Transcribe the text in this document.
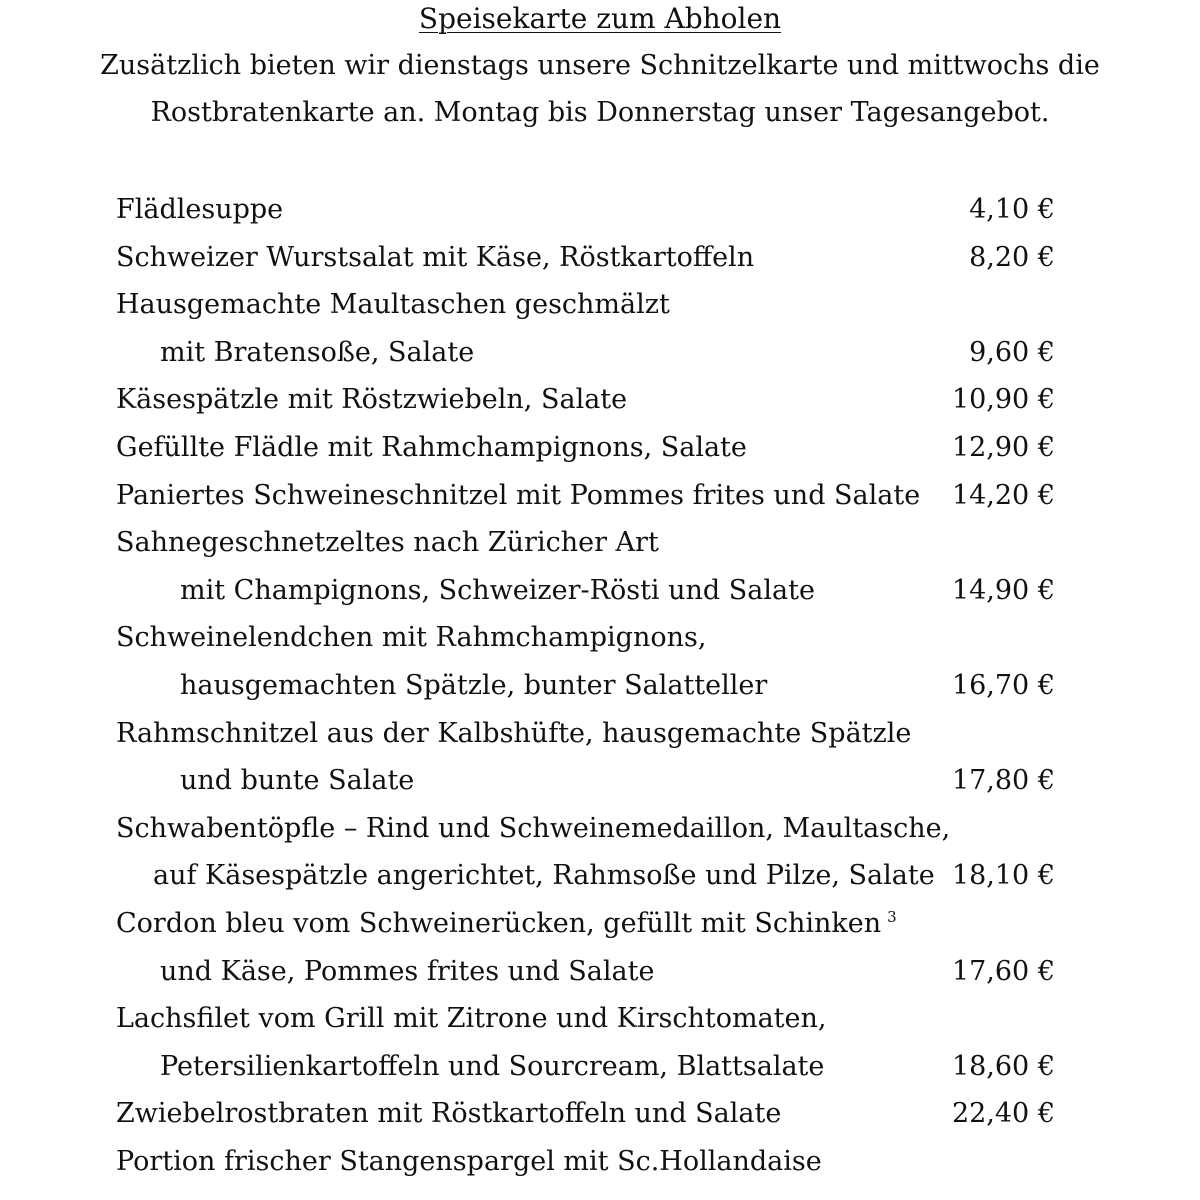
Speisekarte zum Abholen
Zusätzlich bieten wir dienstags unsere Schnitzelkarte und mittwochs die
Rostbratenkarte an. Montag bis Donnerstag unser Tagesangebot.
Flädlesuppe	4,10 €
Schweizer Wurstsalat mit Käse, Röstkartoffeln	8,20 €
Hausgemachte Maultaschen geschmälzt
mit Bratensoße, Salate	9,60 €
Käsespätzle mit Röstzwiebeln, Salate	10,90 €
Gefüllte Flädle mit Rahmchampignons, Salate	12,90 €
Paniertes Schweineschnitzel mit Pommes frites und Salate 14,20 €
Sahnegeschnetzeltes nach Züricher Art
mit Champignons, Schweizer-Rösti und Salate	14,90 €
Schweinelendchen mit Rahmchampignons,
hausgemachten Spätzle, bunter Salatteller	16,70 €
Rahmschnitzel aus der Kalbshüfte, hausgemachte Spätzle
und bunte Salate	17,80 €
Schwabentöpfle – Rind und Schweinemedaillon, Maultasche,
auf Käsespätzle angerichtet, Rahmsoße und Pilze, Salate 18,10 €
Cordon bleu vom Schweinerücken, gefüllt mit Schinken $^3$
und Käse, Pommes frites und Salate	17,60 €
Lachsfilet vom Grill mit Zitrone und Kirschtomaten,
Petersilienkartoffeln und Sourcream, Blattsalate	18,60 €
Zwiebelrostbraten mit Röstkartoffeln und Salate	22,40 €
Portion frischer Stangenspargel mit Sc.Hollandaise
